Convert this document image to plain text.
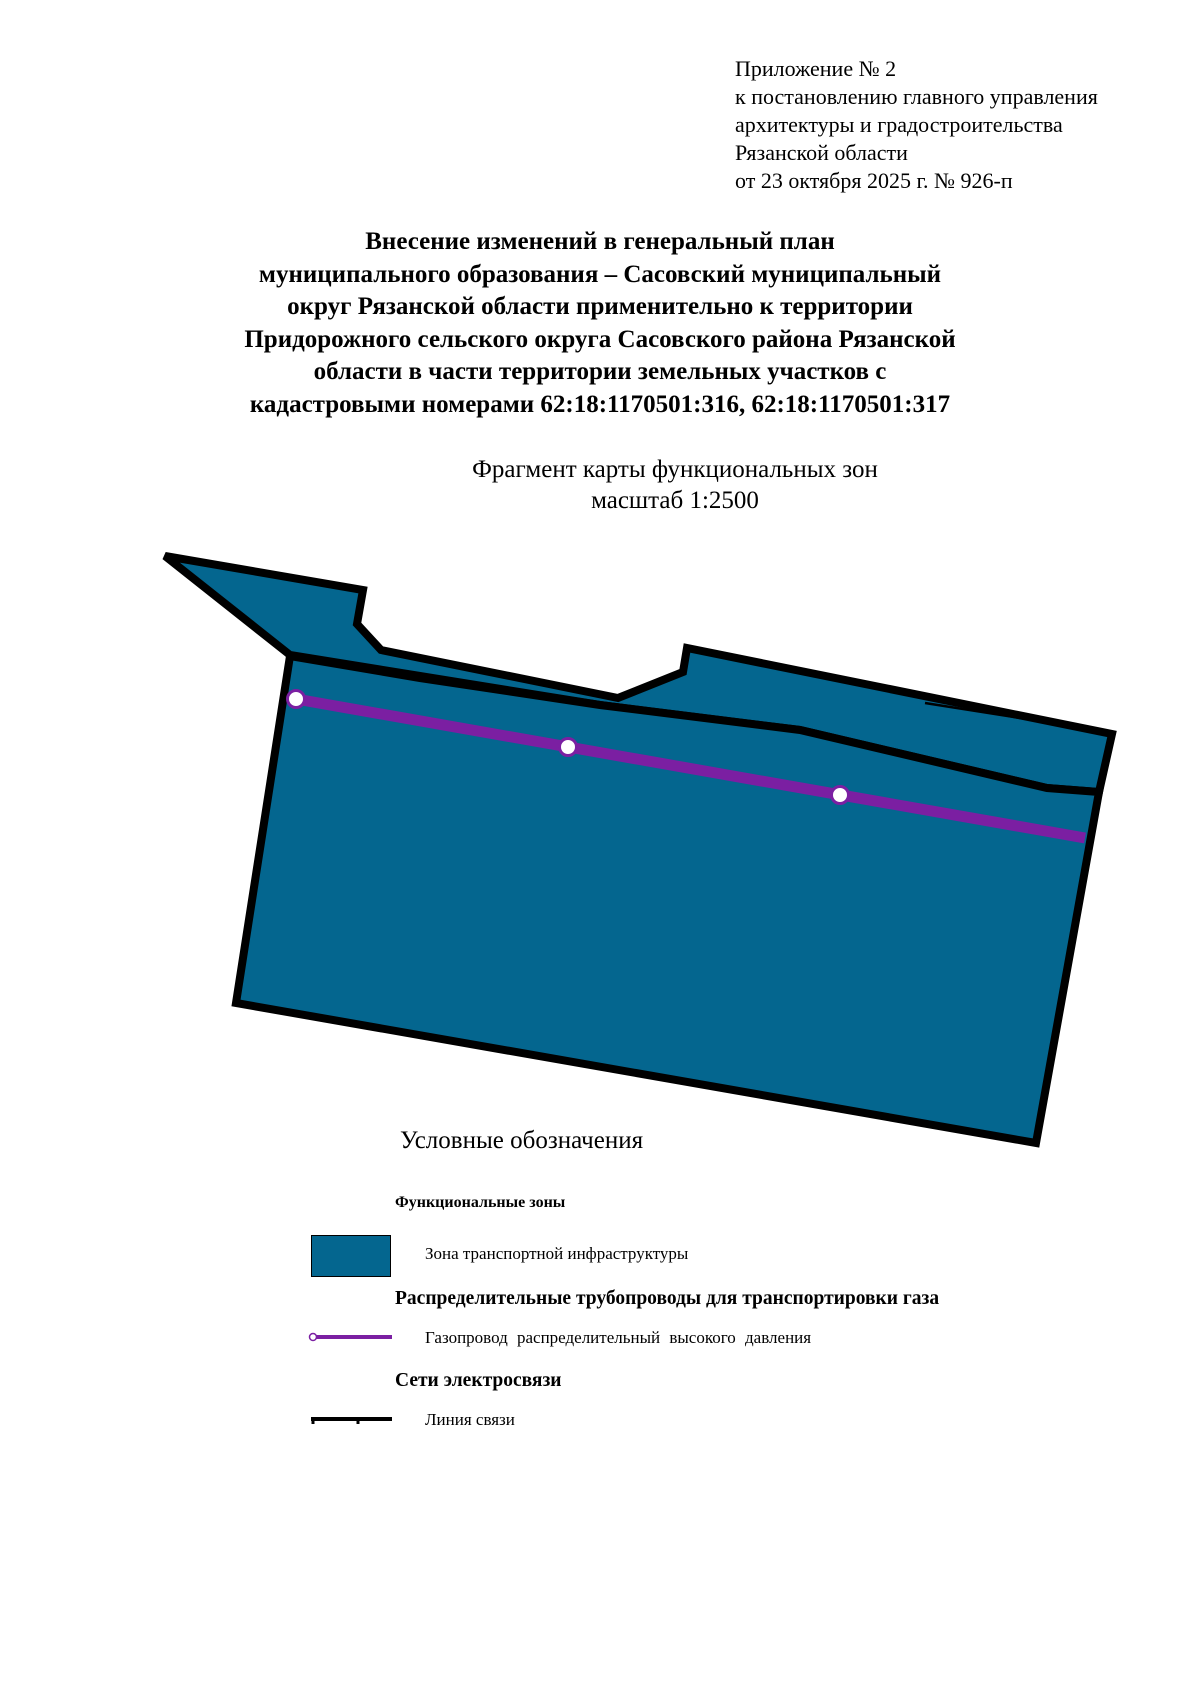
Приложение № 2
к постановлению главного управления
архитектуры и градостроительства
Рязанской области
от 23 октября 2025 г. № 926-п
Внесение изменений в генеральный план
муниципального образования – Сасовский муниципальный
округ Рязанской области применительно к территории
Придорожного сельского округа Сасовского района Рязанской
области в части территории земельных участков с
кадастровыми номерами 62:18:1170501:316, 62:18:1170501:317
Фрагмент карты функциональных зон
масштаб 1:2500
Условные обозначения
Функциональные зоны
Зона транспортной инфраструктуры
Распределительные трубопроводы для транспортировки газа
Газопровод распределительный высокого давления
Сети электросвязи
Линия связи
